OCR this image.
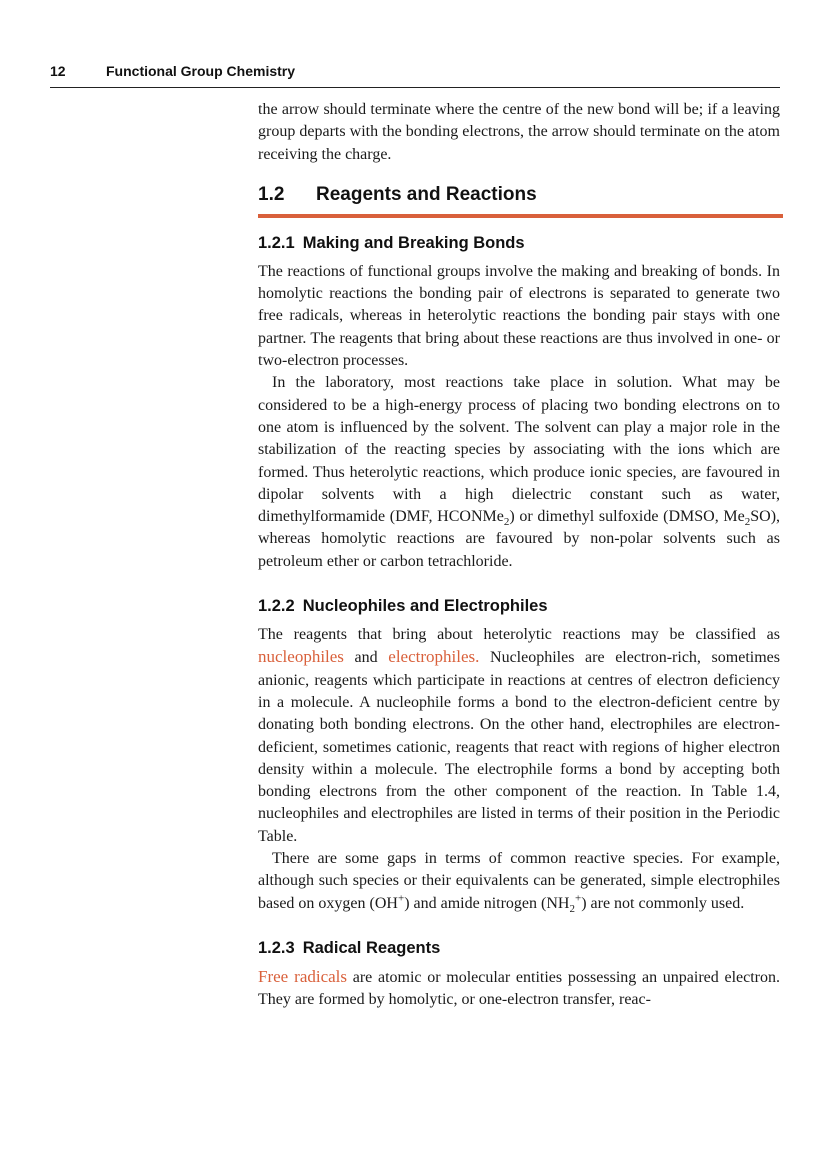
12	Functional Group Chemistry

the arrow should terminate where the centre of the new bond will be; if a leaving group departs with the bonding electrons, the arrow should terminate on the atom receiving the charge.

1.2 Reagents and Reactions
1.2.1 Making and Breaking Bonds

The reactions of functional groups involve the making and breaking of bonds. In homolytic reactions the bonding pair of electrons is separated to generate two free radicals, whereas in heterolytic reactions the bonding pair stays with one partner. The reagents that bring about these reactions are thus involved in one- or two-electron processes.

In the laboratory, most reactions take place in solution. What may be considered to be a high-energy process of placing two bonding electrons on to one atom is influenced by the solvent. The solvent can play a major role in the stabilization of the reacting species by associating with the ions which are formed. Thus heterolytic reactions, which produce ionic species, are favoured in dipolar solvents with a high dielectric constant such as water, dimethylformamide (DMF, HCONMe$_2$) or dimethyl sulfoxide (DMSO, $Me_2SO$), whereas homolytic reactions are favoured by non-polar solvents such as petroleum ether or carbon tetrachloride.

1.2.2 Nucleophiles and Electrophiles

The reagents that bring about heterolytic reactions may be classified as nucleophiles and electrophiles. Nucleophiles are electron-rich, sometimes anionic, reagents which participate in reactions at centres of electron deficiency in a molecule. A nucleophile forms a bond to the electron-deficient centre by donating both bonding electrons. On the other hand, electrophiles are electron-deficient, sometimes cationic, reagents that react with regions of higher electron density within a molecule. The electrophile forms a bond by accepting both bonding electrons from the other component of the reaction. In Table 1.4, nucleophiles and electrophiles are listed in terms of their position in the Periodic Table.

There are some gaps in terms of common reactive species. For example, although such species or their equivalents can be generated, simple electrophiles based on oxygen (OH+) and amide nitrogen $(NH_2^+)$ are not commonly used.

1.2.3 Radical Reagents

Free radicals are atomic or molecular entities possessing an unpaired electron. They are formed by homolytic, or one-electron transfer, reac-
